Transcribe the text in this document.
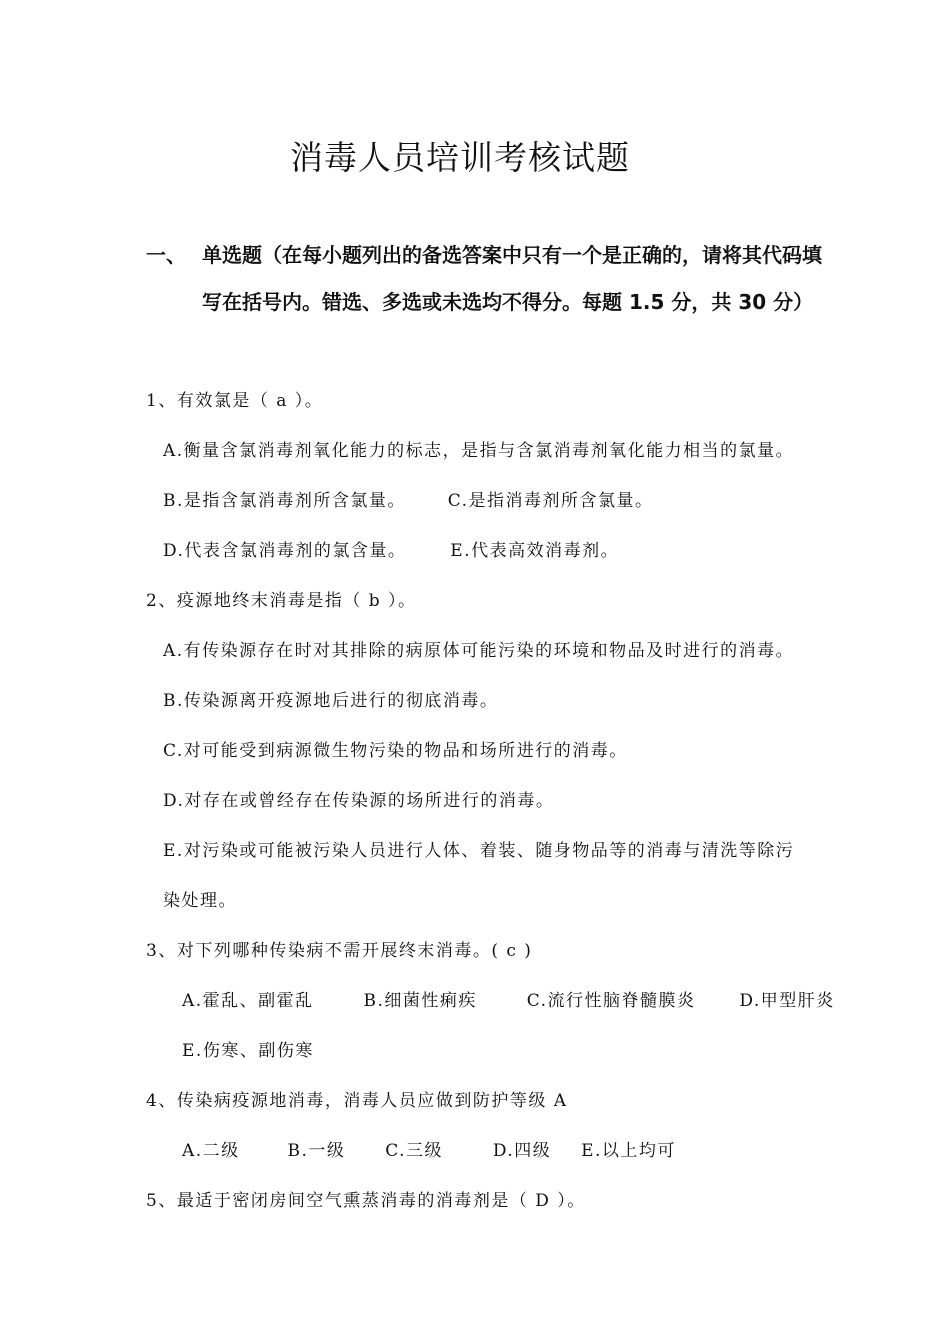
消毒人员培训考核试题
一、 单选题（在每小题列出的备选答案中只有一个是正确的，请将其代码填写在括号内。错选、多选或未选均不得分。每题 1.5 分，共 30 分）
1、有效氯是（ a ）。
A.衡量含氯消毒剂氧化能力的标志，是指与含氯消毒剂氧化能力相当的氯量。
B.是指含氯消毒剂所含氯量。 C.是指消毒剂所含氯量。
D.代表含氯消毒剂的氯含量。	E.代表高效消毒剂。
2、疫源地终末消毒是指（ b ）。
A.有传染源存在时对其排除的病原体可能污染的环境和物品及时进行的消毒。
B.传染源离开疫源地后进行的彻底消毒。
C.对可能受到病源微生物污染的物品和场所进行的消毒。
D.对存在或曾经存在传染源的场所进行的消毒。
E.对污染或可能被污染人员进行人体、着装、随身物品等的消毒与清洗等除污
染处理。
3、对下列哪种传染病不需开展终末消毒。( c )
A.霍乱、副霍乱	B.细菌性痢疾	C.流行性脑脊髓膜炎	D.甲型肝炎
E.伤寒、副伤寒
4、传染病疫源地消毒，消毒人员应做到防护等级 A
A.二级	B.一级 C.三级	D.四级 E.以上均可
5、最适于密闭房间空气熏蒸消毒的消毒剂是（ D ）。
